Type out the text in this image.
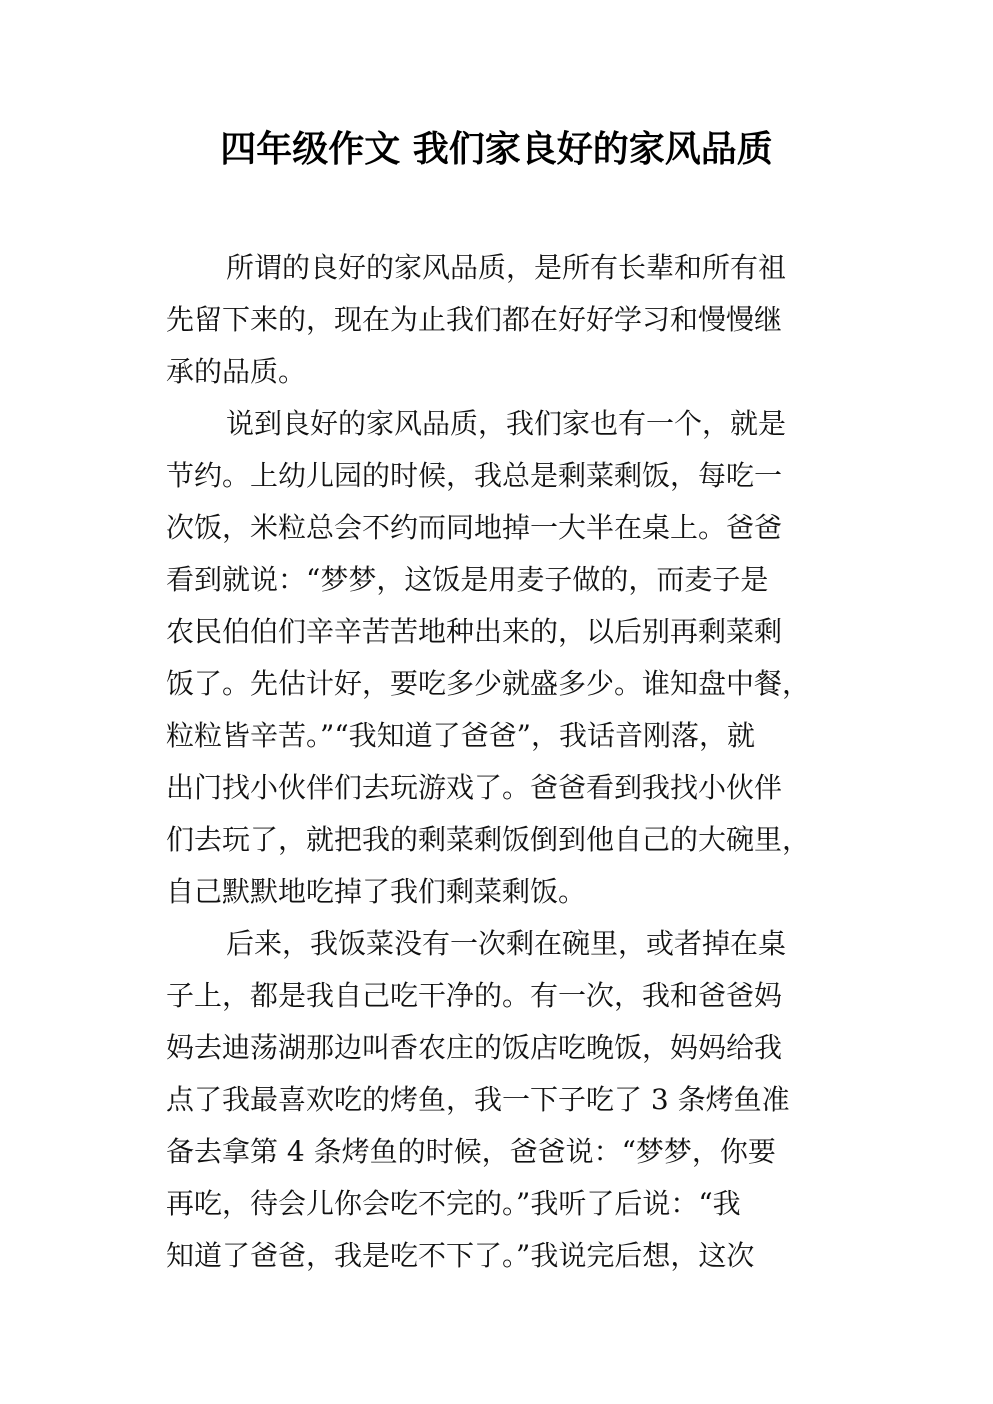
四年级作文 我们家良好的家风品质
所谓的良好的家风品质，是所有长辈和所有祖
先留下来的，现在为止我们都在好好学习和慢慢继
承的品质。
说到良好的家风品质，我们家也有一个，就是
节约。上幼儿园的时候，我总是剩菜剩饭，每吃一
次饭，米粒总会不约而同地掉一大半在桌上。爸爸
看到就说：“梦梦，这饭是用麦子做的，而麦子是
农民伯伯们辛辛苦苦地种出来的，以后别再剩菜剩
饭了。先估计好，要吃多少就盛多少。谁知盘中餐，
粒粒皆辛苦。”“我知道了爸爸”，我话音刚落，就
出门找小伙伴们去玩游戏了。爸爸看到我找小伙伴
们去玩了，就把我的剩菜剩饭倒到他自己的大碗里，
自己默默地吃掉了我们剩菜剩饭。
后来，我饭菜没有一次剩在碗里，或者掉在桌
子上，都是我自己吃干净的。有一次，我和爸爸妈
妈去迪荡湖那边叫香农庄的饭店吃晚饭，妈妈给我
点了我最喜欢吃的烤鱼，我一下子吃了 3 条烤鱼准
备去拿第 4 条烤鱼的时候，爸爸说：“梦梦，你要
再吃，待会儿你会吃不完的。”我听了后说：“我
知道了爸爸，我是吃不下了。”我说完后想，这次
